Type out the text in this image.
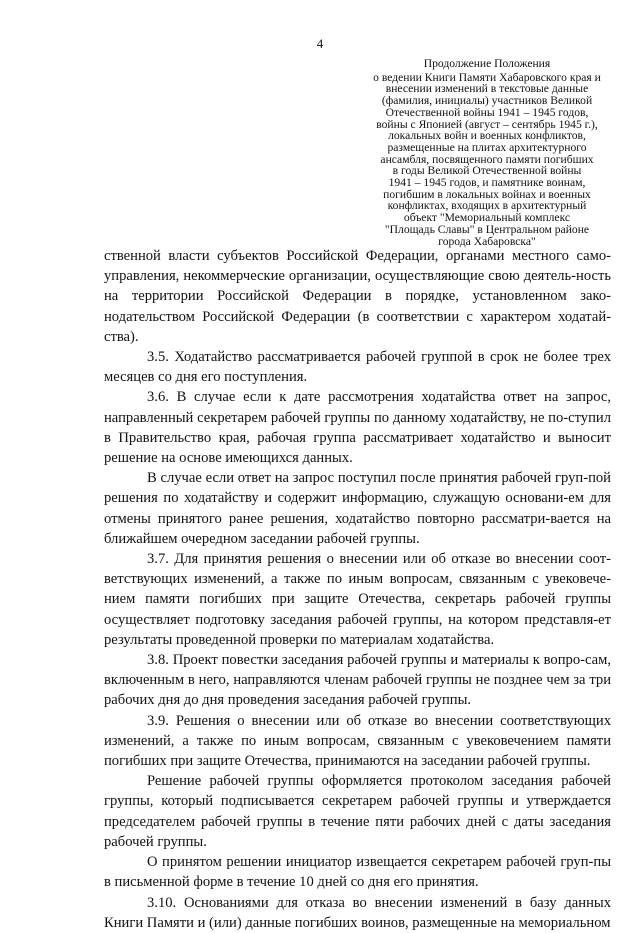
4
Продолжение Положения
о ведении Книги Памяти Хабаровского края и
внесении изменений в текстовые данные
(фамилия, инициалы) участников Великой
Отечественной войны 1941 – 1945 годов,
войны с Японией (август – сентябрь 1945 г.),
локальных войн и военных конфликтов,
размещенные на плитах архитектурного
ансамбля, посвященного памяти погибших
в годы Великой Отечественной войны
1941 – 1945 годов, и памятнике воинам,
погибшим в локальных войнах и военных
конфликтах, входящих в архитектурный
объект "Мемориальный комплекс
"Площадь Славы" в Центральном районе
города Хабаровска"

ственной власти субъектов Российской Федерации, органами местного само-управления, некоммерческие организации, осуществляющие свою деятель-ность на территории Российской Федерации в порядке, установленном зако-нодательством Российской Федерации (в соответствии с характером ходатай-ства).

3.5. Ходатайство рассматривается рабочей группой в срок не более трех месяцев со дня его поступления.

3.6. В случае если к дате рассмотрения ходатайства ответ на запрос, направленный секретарем рабочей группы по данному ходатайству, не по-ступил в Правительство края, рабочая группа рассматривает ходатайство и выносит решение на основе имеющихся данных.

В случае если ответ на запрос поступил после принятия рабочей груп-пой решения по ходатайству и содержит информацию, служащую основани-ем для отмены принятого ранее решения, ходатайство повторно рассматри-вается на ближайшем очередном заседании рабочей группы.

3.7. Для принятия решения о внесении или об отказе во внесении соот-ветствующих изменений, а также по иным вопросам, связанным с увековече-нием памяти погибших при защите Отечества, секретарь рабочей группы осуществляет подготовку заседания рабочей группы, на котором представля-ет результаты проведенной проверки по материалам ходатайства.

3.8. Проект повестки заседания рабочей группы и материалы к вопро-сам, включенным в него, направляются членам рабочей группы не позднее чем за три рабочих дня до дня проведения заседания рабочей группы.

3.9. Решения о внесении или об отказе во внесении соответствующих изменений, а также по иным вопросам, связанным с увековечением памяти погибших при защите Отечества, принимаются на заседании рабочей группы.

Решение рабочей группы оформляется протоколом заседания рабочей группы, который подписывается секретарем рабочей группы и утверждается председателем рабочей группы в течение пяти рабочих дней с даты заседания рабочей группы.

О принятом решении инициатор извещается секретарем рабочей груп-пы в письменной форме в течение 10 дней со дня его принятия.

3.10. Основаниями для отказа во внесении изменений в базу данных Книги Памяти и (или) данные погибших воинов, размещенные на мемориальном
